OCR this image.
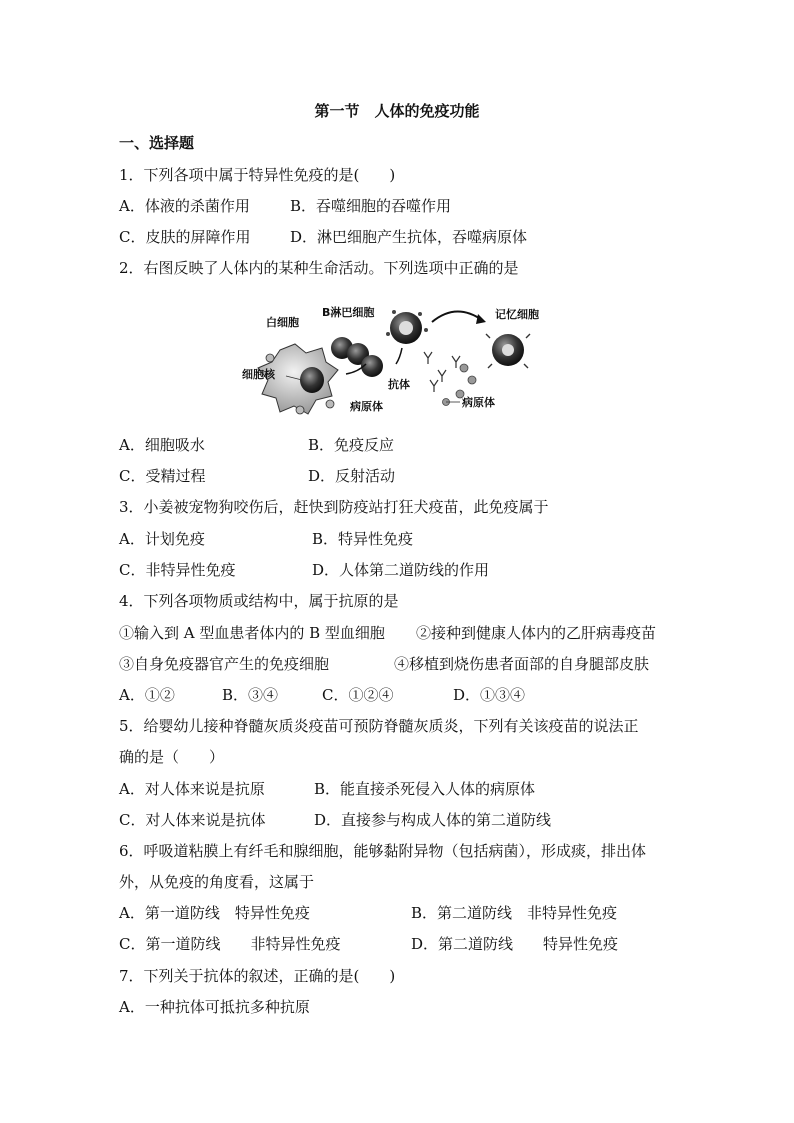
第一节　人体的免疫功能
一、选择题
1．下列各项中属于特异性免疫的是(　　)
A．体液的杀菌作用	B．吞噬细胞的吞噬作用
C．皮肤的屏障作用	D．淋巴细胞产生抗体，吞噬病原体
2．右图反映了人体内的某种生命活动。下列选项中正确的是
白细胞
B淋巴细胞	记忆细胞
细胞核
抗体
病原体	病原体
A．细胞吸水	B．免疫反应
C．受精过程	D．反射活动
3．小姜被宠物狗咬伤后，赶快到防疫站打狂犬疫苗，此免疫属于
A．计划免疫	B．特异性免疫
C．非特异性免疫	D．人体第二道防线的作用
4．下列各项物质或结构中，属于抗原的是
①输入到 A 型血患者体内的 B 型血细胞 ②接种到健康人体内的乙肝病毒疫苗
③自身免疫器官产生的免疫细胞	④移植到烧伤患者面部的自身腿部皮肤
A．①②	B．③④	C．①②④	D．①③④
5．给婴幼儿接种脊髓灰质炎疫苗可预防脊髓灰质炎，下列有关该疫苗的说法正
确的是（　　）
A．对人体来说是抗原	B．能直接杀死侵入人体的病原体
C．对人体来说是抗体	D．直接参与构成人体的第二道防线
6．呼吸道粘膜上有纤毛和腺细胞，能够黏附异物（包括病菌），形成痰，排出体
外，从免疫的角度看，这属于
A．第一道防线　特异性免疫	B．第二道防线　非特异性免疫
C．第一道防线　　非特异性免疫	D．第二道防线　　特异性免疫
7．下列关于抗体的叙述，正确的是(　　)
A．一种抗体可抵抗多种抗原
